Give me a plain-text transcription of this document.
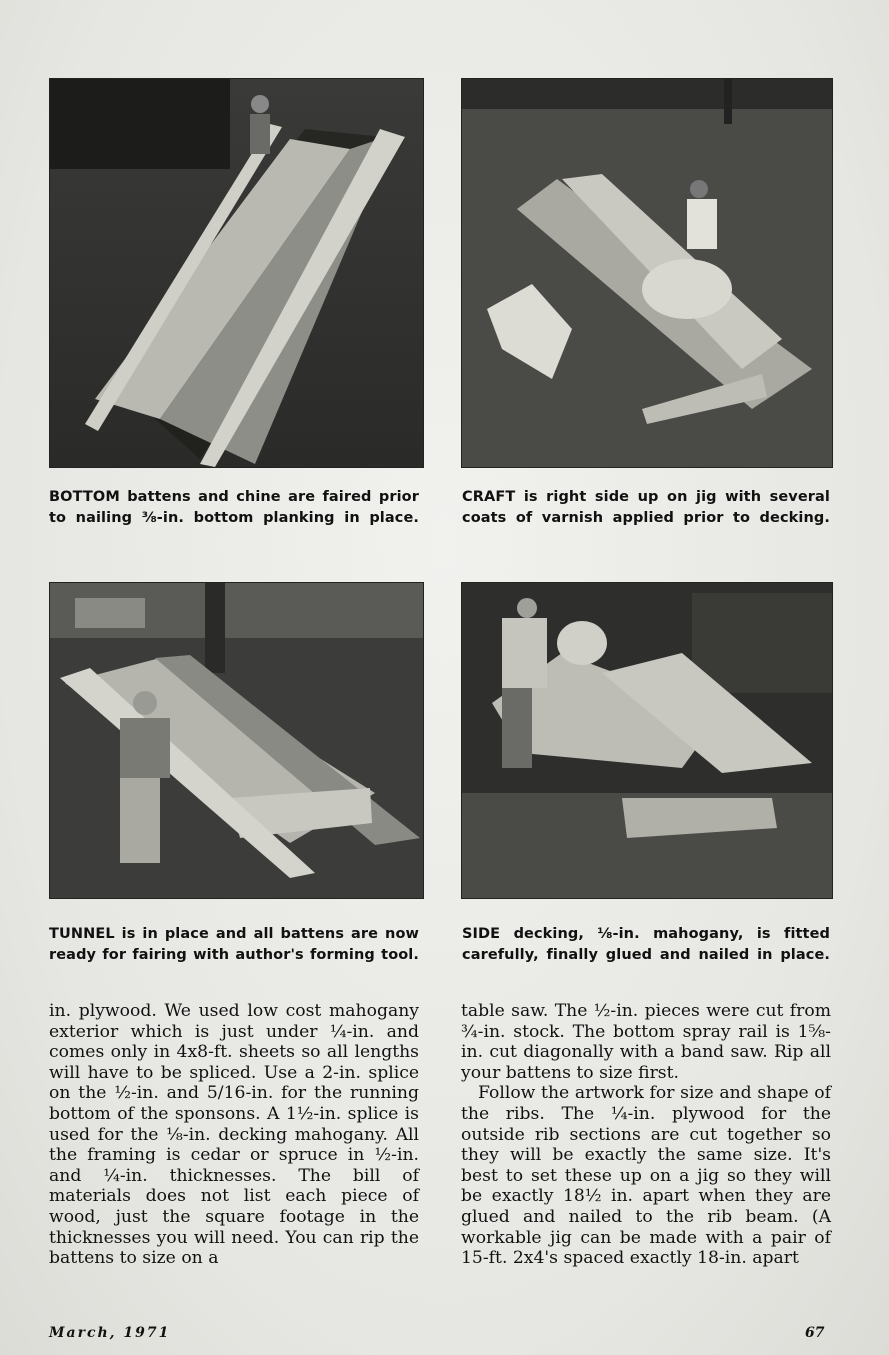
BOTTOM battens and chine are faired prior to nailing ⅜-in. bottom planking in place.
CRAFT is right side up on jig with several coats of varnish applied prior to decking.
TUNNEL is in place and all battens are now ready for fairing with author's forming tool.
SIDE decking, ⅛-in. mahogany, is fitted carefully, finally glued and nailed in place.

in. plywood. We used low cost mahogany exterior which is just under ¼-in. and comes only in 4x8-ft. sheets so all lengths will have to be spliced. Use a 2-in. splice on the ½-in. and 5/16-in. for the running bottom of the sponsons. A 1½-in. splice is used for the ⅛-in. decking mahogany. All the framing is cedar or spruce in ½-in. and ¼-in. thicknesses. The bill of materials does not list each piece of wood, just the square footage in the thicknesses you will need. You can rip the battens to size on a

table saw. The ½-in. pieces were cut from ¾-in. stock. The bottom spray rail is 1⅝-in. cut diagonally with a band saw. Rip all your battens to size first.

Follow the artwork for size and shape of the ribs. The ¼-in. plywood for the outside rib sections are cut together so they will be exactly the same size. It's best to set these up on a jig so they will be exactly 18½ in. apart when they are glued and nailed to the rib beam. (A workable jig can be made with a pair of 15-ft. 2x4's spaced exactly 18-in. apart

March, 1971	67
